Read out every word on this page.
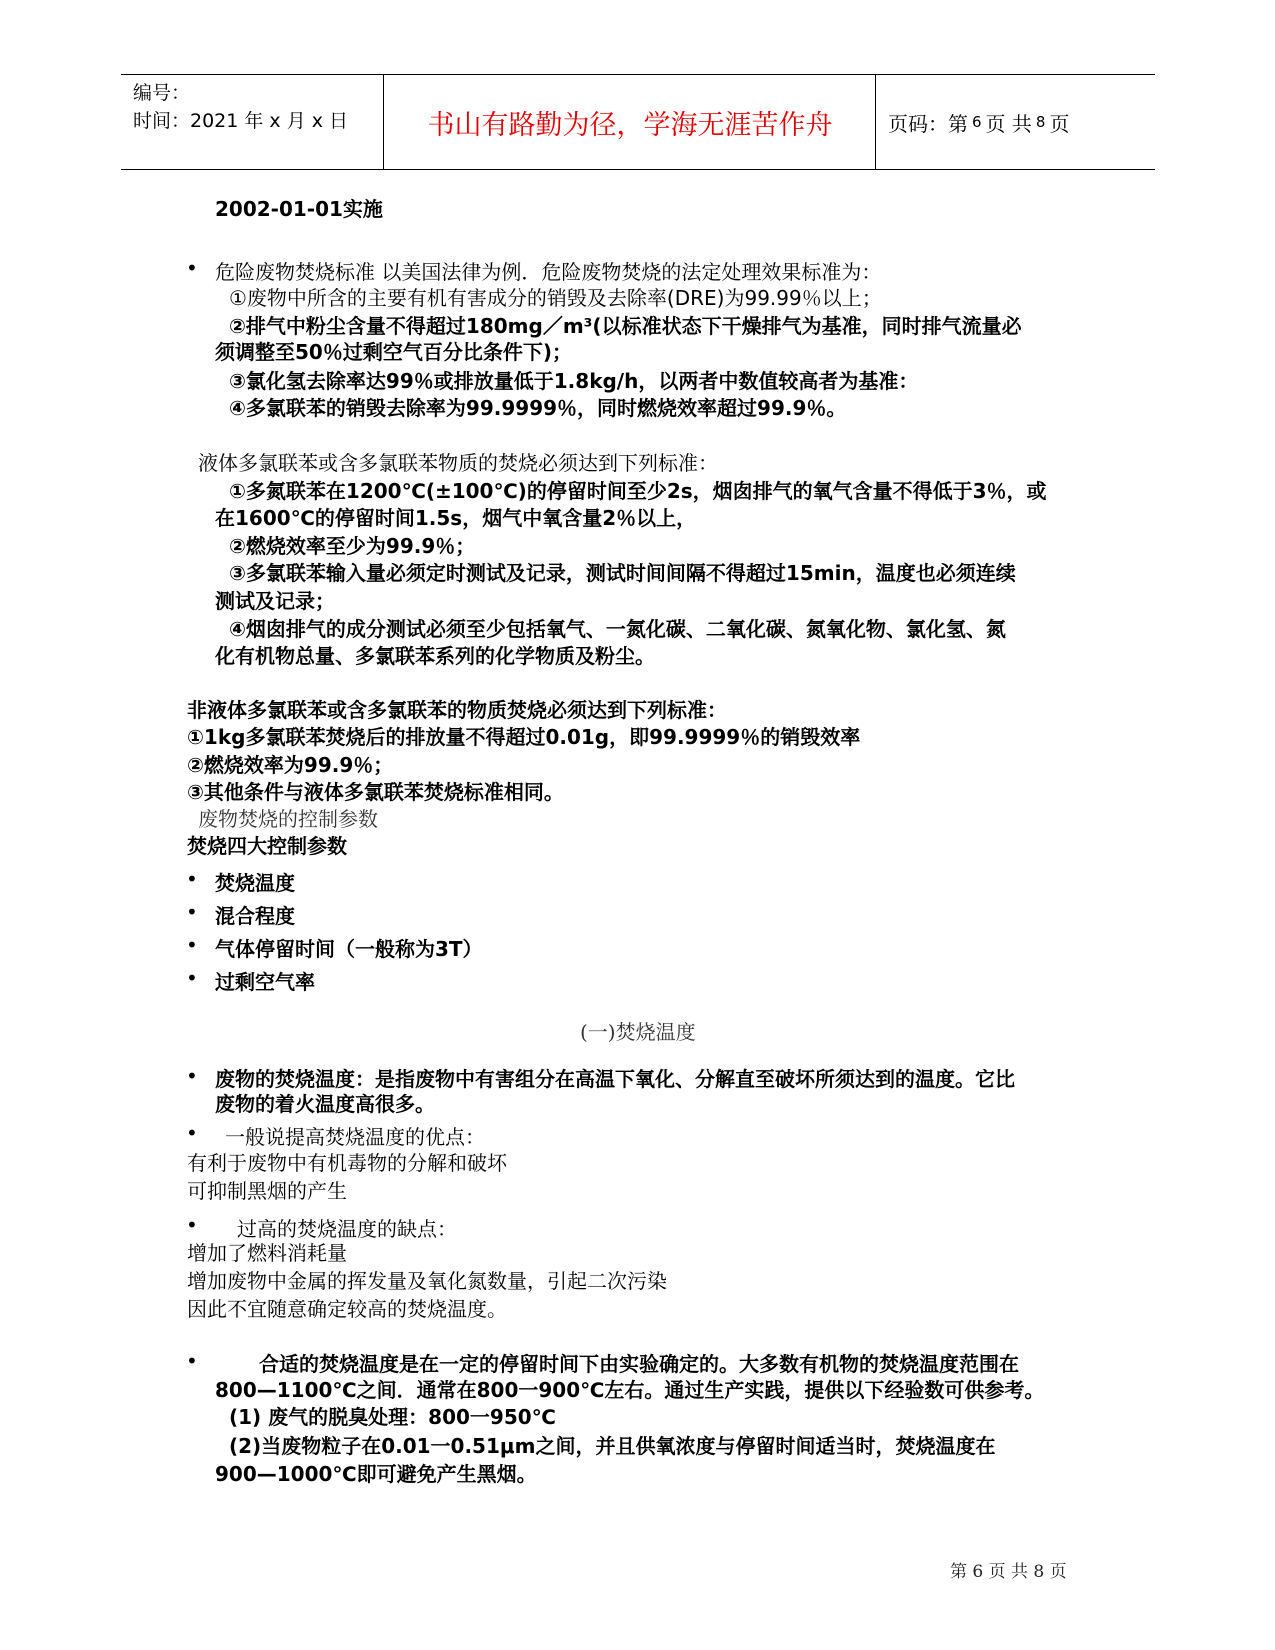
编号：
时间：2021 年 x 月 x 日	书山有路勤为径，学海无涯苦作舟	页码：第 6 页 共 8 页
2002-01-01实施
• 危险废物焚烧标准 以美国法律为例．危险废物焚烧的法定处理效果标准为：
①废物中所含的主要有机有害成分的销毁及去除率(DRE)为99.99％以上；
②排气中粉尘含量不得超过180mg／m³(以标准状态下干燥排气为基准，同时排气流量必
须调整至50％过剩空气百分比条件下)；
③氯化氢去除率达99％或排放量低于1.8kg/h，以两者中数值较高者为基准：
④多氯联苯的销毁去除率为99.9999％，同时燃烧效率超过99.9％。
液体多氯联苯或含多氯联苯物质的焚烧必须达到下列标准：
①多氮联苯在1200℃(±100℃)的停留时间至少2s，烟囱排气的氧气含量不得低于3％，或
在1600℃的停留时间1.5s，烟气中氧含量2％以上，
②燃烧效率至少为99.9％；
③多氯联苯输入量必须定时测试及记录，测试时间间隔不得超过15min，温度也必须连续
测试及记录；
④烟囱排气的成分测试必须至少包括氧气、一氮化碳、二氧化碳、氮氧化物、氯化氢、氮
化有机物总量、多氯联苯系列的化学物质及粉尘。
非液体多氯联苯或含多氯联苯的物质焚烧必须达到下列标准：
①1kg多氯联苯焚烧后的排放量不得超过0.01g，即99.9999％的销毁效率
②燃烧效率为99.9％；
③其他条件与液体多氯联苯焚烧标准相同。
废物焚烧的控制参数
焚烧四大控制参数
• 焚烧温度
• 混合程度
• 气体停留时间（一般称为3T）
• 过剩空气率
(一)焚烧温度
• 废物的焚烧温度：是指废物中有害组分在高温下氧化、分解直至破坏所须达到的温度。它比
废物的着火温度高很多。
• 一般说提高焚烧温度的优点：
有利于废物中有机毒物的分解和破坏
可抑制黑烟的产生
• 过高的焚烧温度的缺点：
增加了燃料消耗量
增加废物中金属的挥发量及氧化氮数量，引起二次污染
因此不宜随意确定较高的焚烧温度。
•	合适的焚烧温度是在一定的停留时间下由实验确定的。大多数有机物的焚烧温度范围在
800—1100℃之间．通常在800一900℃左右。通过生产实践，提供以下经验数可供参考。
(1) 废气的脱臭处理：800一950℃
(2)当废物粒子在0.01一0.51μm之间，并且供氧浓度与停留时间适当时，焚烧温度在
900—1000℃即可避免产生黑烟。
第 6 页 共 8 页
